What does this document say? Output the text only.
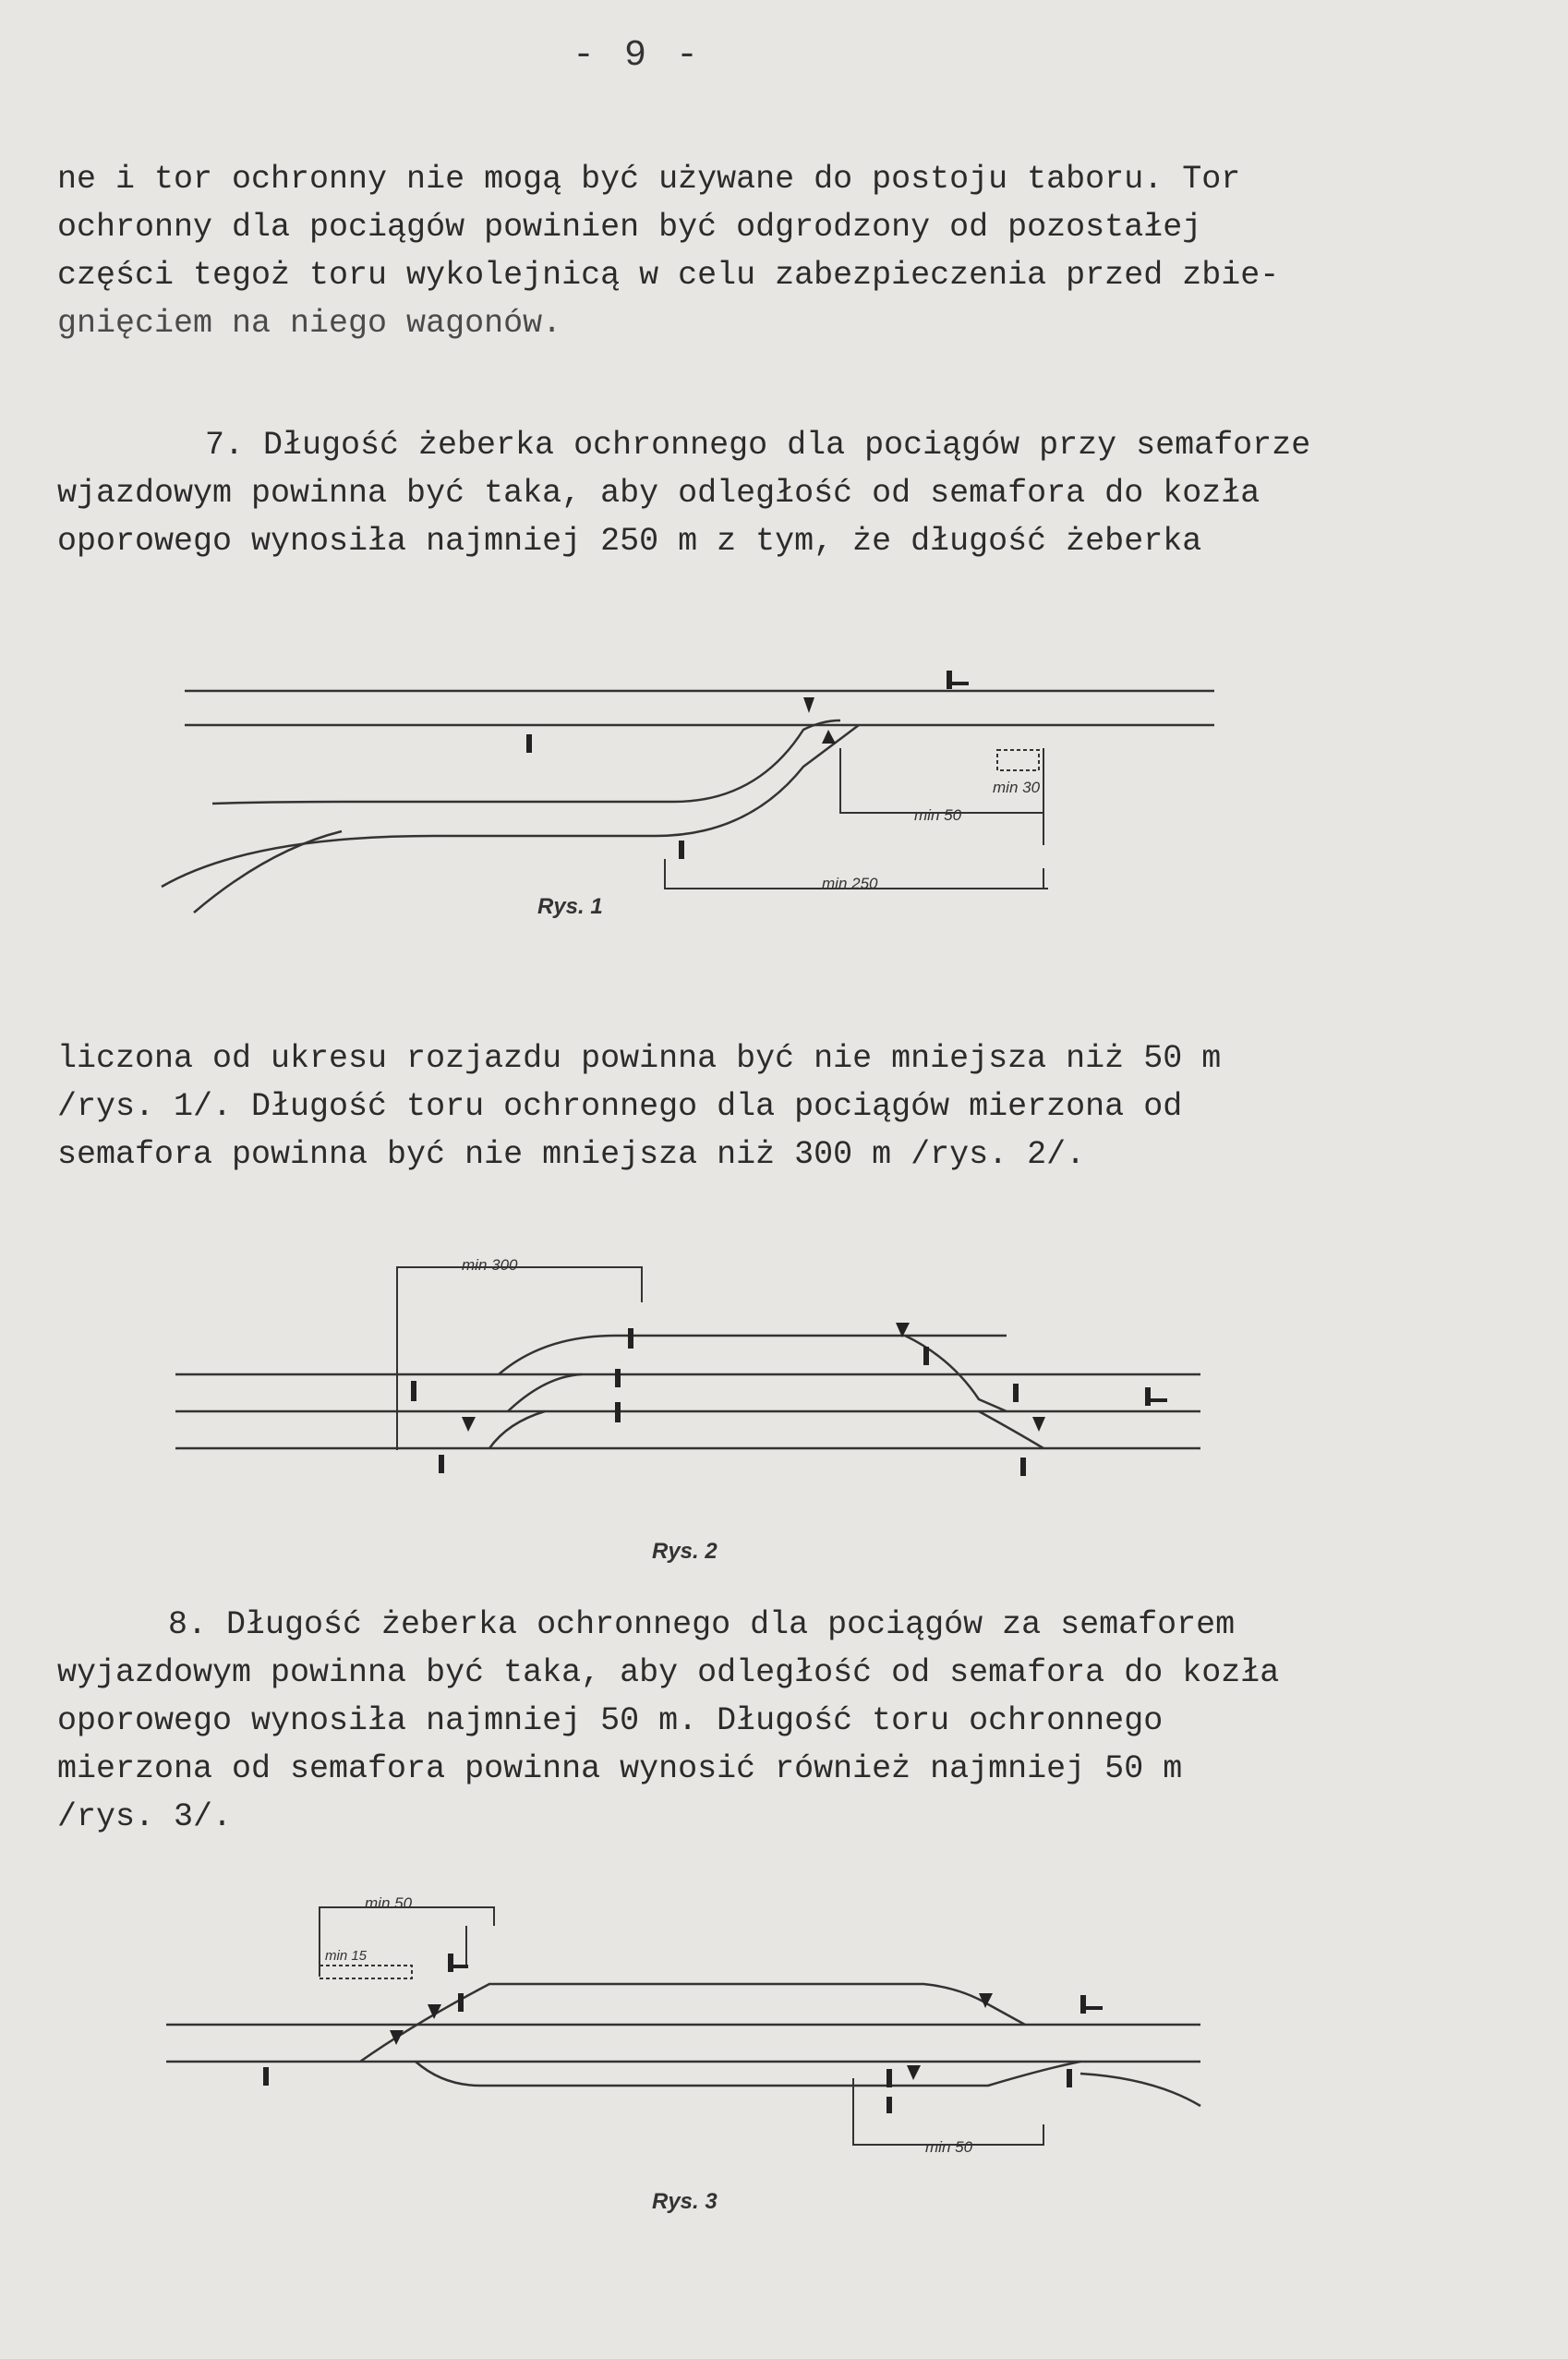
- 9 -

ne i tor ochronny nie mogą być używane do postoju taboru. Tor

ochronny dla pociągów powinien być odgrodzony od pozostałej

części tegoż toru wykolejnicą w celu zabezpieczenia przed zbie-

gnięciem na niego wagonów.

7. Długość żeberka ochronnego dla pociągów przy semaforze

wjazdowym powinna być taka, aby odległość od semafora do kozła

oporowego wynosiła najmniej 250 m z tym, że długość żeberka

min 30
min 50
min 250
Rys. 1

liczona od ukresu rozjazdu powinna być nie mniejsza niż 50 m

/rys. 1/. Długość toru ochronnego dla pociągów mierzona od

semafora powinna być nie mniejsza niż 300 m /rys. 2/.

min 300
Rys. 2

8. Długość żeberka ochronnego dla pociągów za semaforem

wyjazdowym powinna być taka, aby odległość od semafora do kozła

oporowego wynosiła najmniej 50 m. Długość toru ochronnego

mierzona od semafora powinna wynosić również najmniej 50 m

/rys. 3/.

min 50
min 15
min 50
Rys. 3
